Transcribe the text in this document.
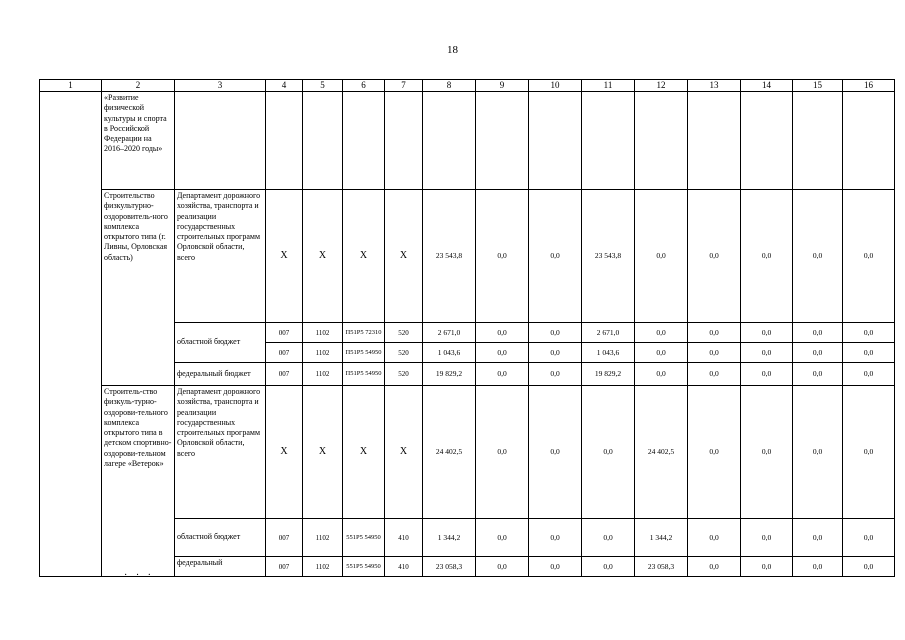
18
1	2	3	4	5	6	7	8	9	10	11	12	13	14	15	16
	«Развитие физической культуры и спорта в Российской Федерации на 2016–2020 годы»														
	Строительство физкультурно-оздоровитель-ного комплекса открытого типа (г. Ливны, Орловская область)	Департамент дорожного хозяйства, транспорта и реализации государственных строительных программ Орловской области, всего	Х	Х	Х	Х	23 543,8	0,0	0,0	23 543,8	0,0	0,0	0,0	0,0	0,0
		областной бюджет	007	1102	П51Р5 72310	520	2 671,0	0,0	0,0	2 671,0	0,0	0,0	0,0	0,0	0,0
			007	1102	П51Р5 54950	520	1 043,6	0,0	0,0	1 043,6	0,0	0,0	0,0	0,0	0,0
		федеральный бюджет	007	1102	П51Р5 54950	520	19 829,2	0,0	0,0	19 829,2	0,0	0,0	0,0	0,0	0,0
	Строитель-ство физкуль-турно-оздорови-тельного комплекса открытого типа в детском спортивно-оздорови-тельном лагере «Ветерок»	Департамент дорожного хозяйства, транспорта и реализации государственных строительных программ Орловской области, всего	Х	Х	Х	Х	24 402,5	0,0	0,0	0,0	24 402,5	0,0	0,0	0,0	0,0
		областной бюджет	007	1102	551Р5 54950	410	1 344,2	0,0	0,0	0,0	1 344,2	0,0	0,0	0,0	0,0
		федеральный	007	1102	551Р5 54950	410	23 058,3	0,0	0,0	0,0	23 058,3	0,0	0,0	0,0	0,0
· · ·
